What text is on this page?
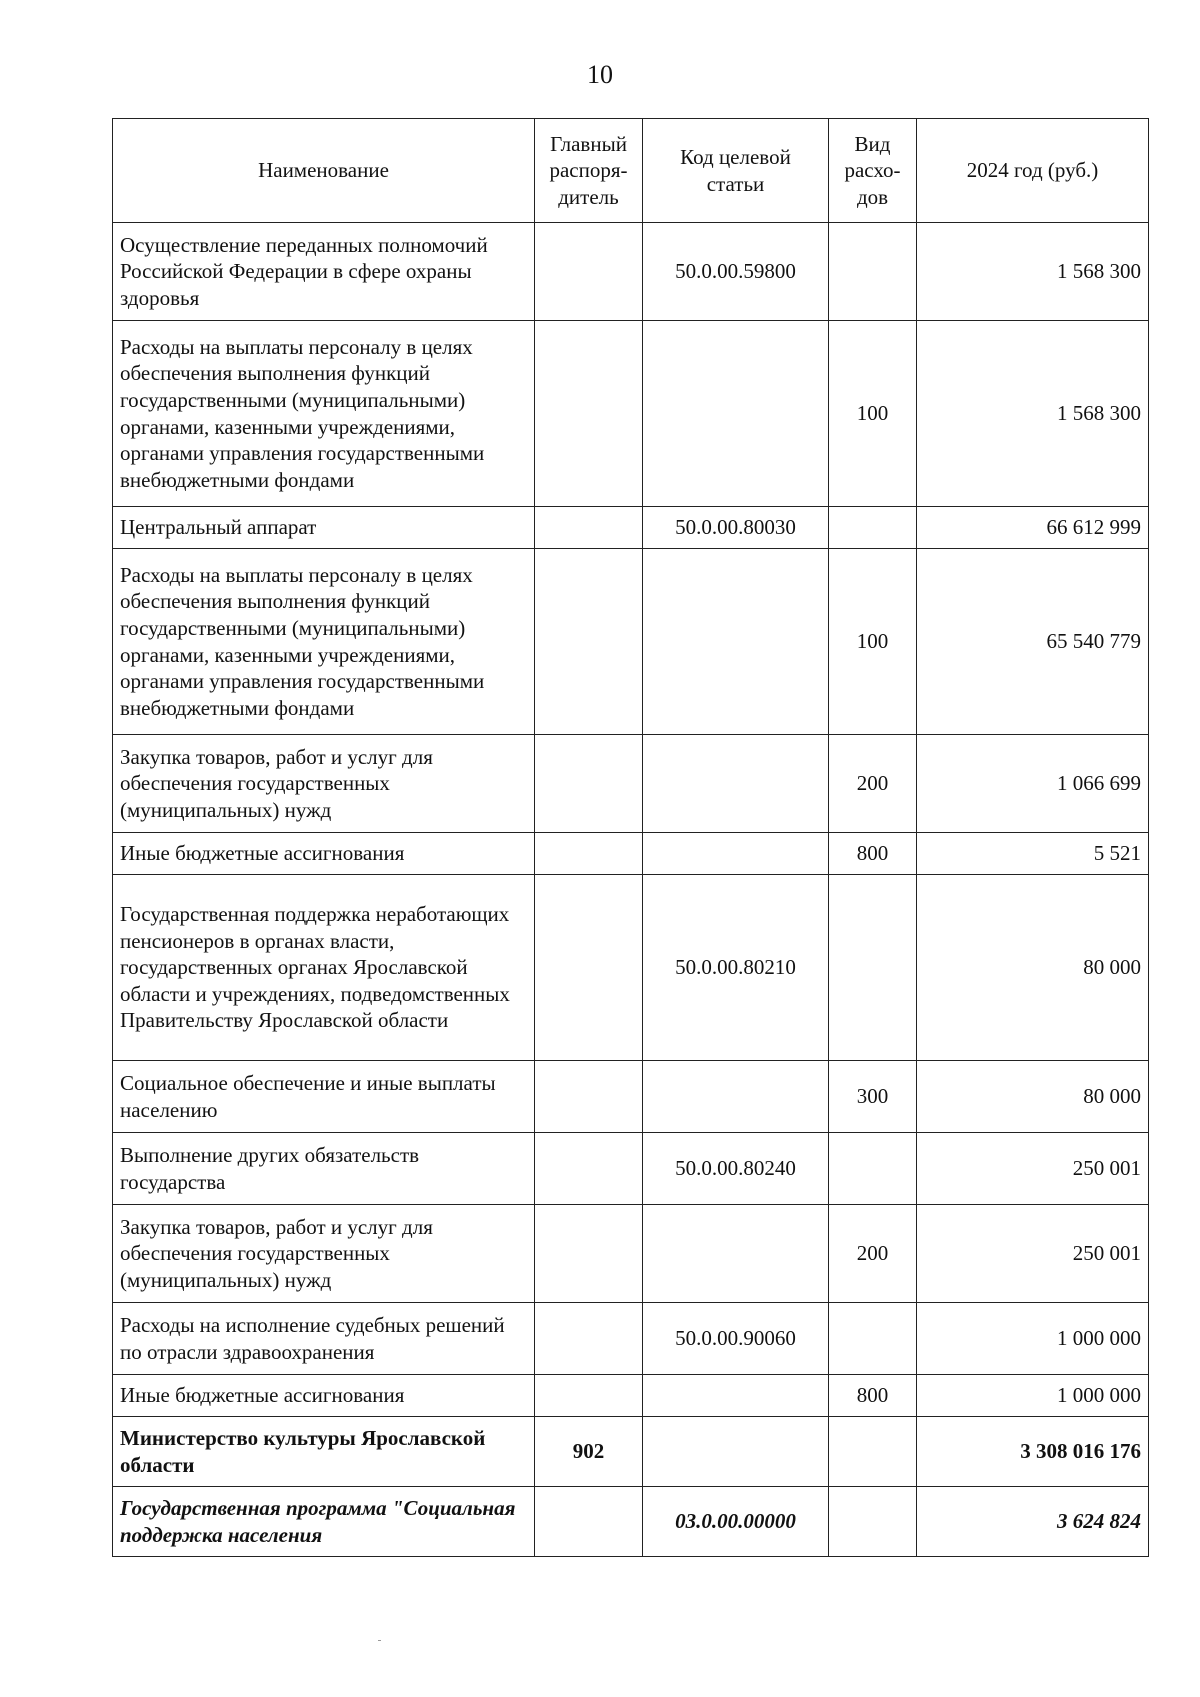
10
Наименование	Главный распоря-дитель	Код целевой статьи	Вид расхо-дов	2024 год (руб.)
Осуществление переданных полномочий Российской Федерации в сфере охраны здоровья		50.0.00.59800		1 568 300
Расходы на выплаты персоналу в целях обеспечения выполнения функций государственными (муниципальными) органами, казенными учреждениями, органами управления государственными внебюджетными фондами			100	1 568 300
Центральный аппарат		50.0.00.80030		66 612 999
Расходы на выплаты персоналу в целях обеспечения выполнения функций государственными (муниципальными) органами, казенными учреждениями, органами управления государственными внебюджетными фондами			100	65 540 779
Закупка товаров, работ и услуг для обеспечения государственных (муниципальных) нужд			200	1 066 699
Иные бюджетные ассигнования			800	5 521
Государственная поддержка неработающих пенсионеров в органах власти, государственных органах Ярославской области и учреждениях, подведомственных Правительству Ярославской области		50.0.00.80210		80 000
Социальное обеспечение и иные выплаты населению			300	80 000
Выполнение других обязательств государства		50.0.00.80240		250 001
Закупка товаров, работ и услуг для обеспечения государственных (муниципальных) нужд			200	250 001
Расходы на исполнение судебных решений по отрасли здравоохранения		50.0.00.90060		1 000 000
Иные бюджетные ассигнования			800	1 000 000
Министерство культуры Ярославской области	902			3 308 016 176
Государственная программа "Социальная поддержка населения		03.0.00.00000		3 624 824
